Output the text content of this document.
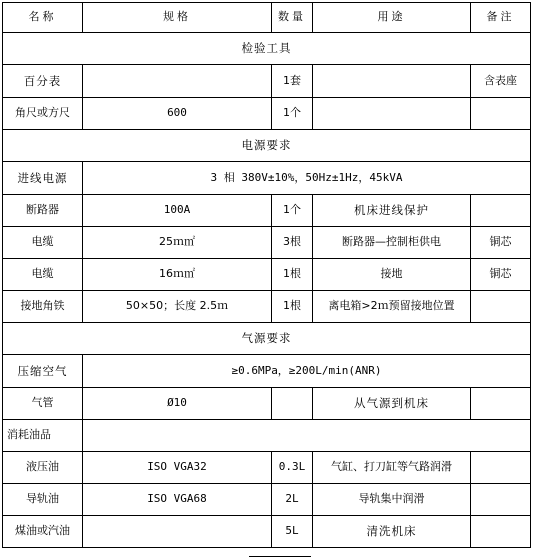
名称	规格	数量	用途	备注
检验工具				
百分表		1套		含表座
角尺或方尺	600	1个		
电源要求				
进线电源	3 相 380V±10%，50Hz±1Hz，45kVA			
断路器	100A	1个	机床进线保护	
电缆	25ｍ㎡	3根	断路器—控制柜供电	铜芯
电缆	16ｍ㎡	1根	接地	铜芯
接地角铁	50×50；长度 2.5ｍ	1根	离电箱>2ｍ预留接地位置	
气源要求				
压缩空气	≥0.6MPa，≥200L/min(ANR)			
气管	Ø10		从气源到机床	
消耗油品				
液压油	ISO VGA32	0.3L	气缸、打刀缸等气路润滑	
导轨油	ISO VGA68	2L	导轨集中润滑	
煤油或汽油		5L	清洗机床	
